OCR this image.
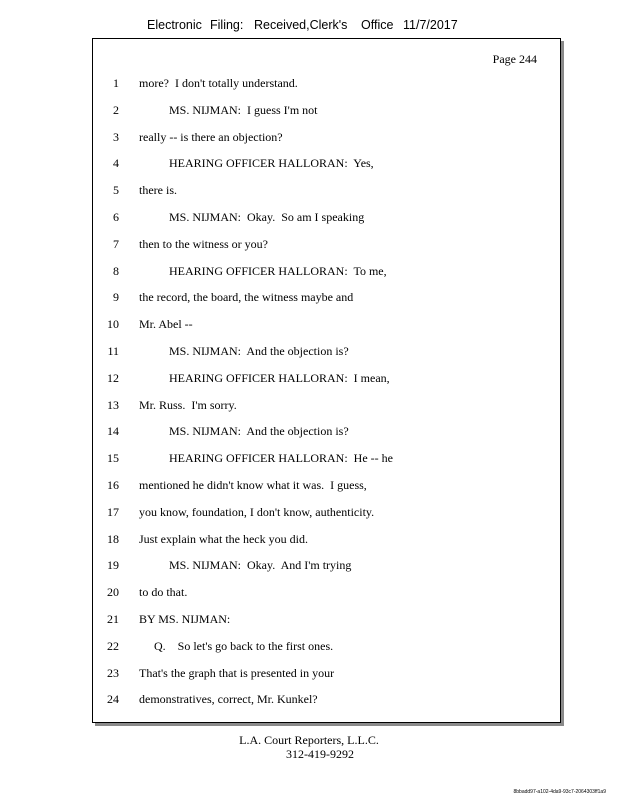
Electronic Filing: Received,Clerk's Office 11/7/2017
Page 244
1 more?  I don't totally understand.
2 MS. NIJMAN:  I guess I'm not
3 really -- is there an objection?
4 HEARING OFFICER HALLORAN:  Yes,
5 there is.
6 MS. NIJMAN:  Okay.  So am I speaking
7 then to the witness or you?
8 HEARING OFFICER HALLORAN:  To me,
9 the record, the board, the witness maybe and
10 Mr. Abel --
11 MS. NIJMAN:  And the objection is?
12 HEARING OFFICER HALLORAN:  I mean,
13 Mr. Russ.  I'm sorry.
14 MS. NIJMAN:  And the objection is?
15 HEARING OFFICER HALLORAN:  He -- he
16 mentioned he didn't know what it was.  I guess,
17 you know, foundation, I don't know, authenticity.
18 Just explain what the heck you did.
19 MS. NIJMAN:  Okay.  And I'm trying
20 to do that.
21 BY MS. NIJMAN:
22 Q.    So let's go back to the first ones.
23 That's the graph that is presented in your
24 demonstratives, correct, Mr. Kunkel?
L.A. Court Reporters, L.L.C.
312-419-9292
8bbadd97-a102-4da9-93c7-2064303ff1a9
